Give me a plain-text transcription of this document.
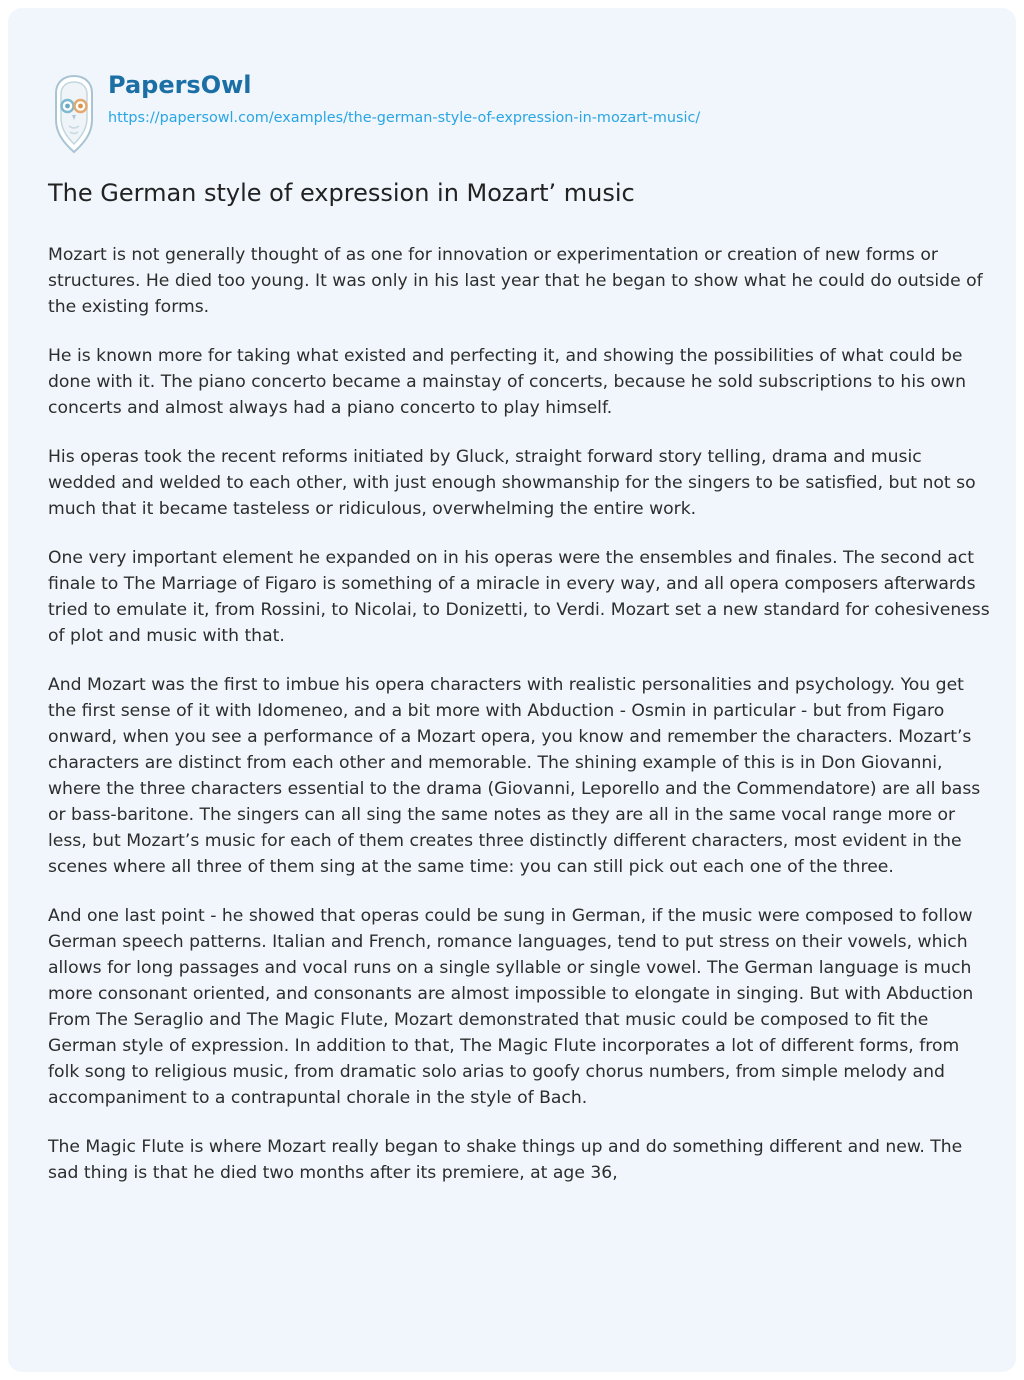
PapersOwl
https://papersowl.com/examples/the-german-style-of-expression-in-mozart-music/
The German style of expression in Mozart’ music

Mozart is not generally thought of as one for innovation or experimentation or creation of new forms or structures. He died too young. It was only in his last year that he began to show what he could do outside of the existing forms.

He is known more for taking what existed and perfecting it, and showing the possibilities of what could be done with it. The piano concerto became a mainstay of concerts, because he sold subscriptions to his own concerts and almost always had a piano concerto to play himself.

His operas took the recent reforms initiated by Gluck, straight forward story telling, drama and music wedded and welded to each other, with just enough showmanship for the singers to be satisfied, but not so much that it became tasteless or ridiculous, overwhelming the entire work.

One very important element he expanded on in his operas were the ensembles and finales. The second act finale to The Marriage of Figaro is something of a miracle in every way, and all opera composers afterwards tried to emulate it, from Rossini, to Nicolai, to Donizetti, to Verdi. Mozart set a new standard for cohesiveness of plot and music with that.

And Mozart was the first to imbue his opera characters with realistic personalities and psychology. You get the first sense of it with Idomeneo, and a bit more with Abduction - Osmin in particular - but from Figaro onward, when you see a performance of a Mozart opera, you know and remember the characters. Mozart’s characters are distinct from each other and memorable. The shining example of this is in Don Giovanni, where the three characters essential to the drama (Giovanni, Leporello and the Commendatore) are all bass or bass-baritone. The singers can all sing the same notes as they are all in the same vocal range more or less, but Mozart’s music for each of them creates three distinctly different characters, most evident in the scenes where all three of them sing at the same time: you can still pick out each one of the three.

And one last point - he showed that operas could be sung in German, if the music were composed to follow German speech patterns. Italian and French, romance languages, tend to put stress on their vowels, which allows for long passages and vocal runs on a single syllable or single vowel. The German language is much more consonant oriented, and consonants are almost impossible to elongate in singing. But with Abduction From The Seraglio and The Magic Flute, Mozart demonstrated that music could be composed to fit the German style of expression. In addition to that, The Magic Flute incorporates a lot of different forms, from folk song to religious music, from dramatic solo arias to goofy chorus numbers, from simple melody and accompaniment to a contrapuntal chorale in the style of Bach.

The Magic Flute is where Mozart really began to shake things up and do something different and new. The sad thing is that he died two months after its premiere, at age 36,
